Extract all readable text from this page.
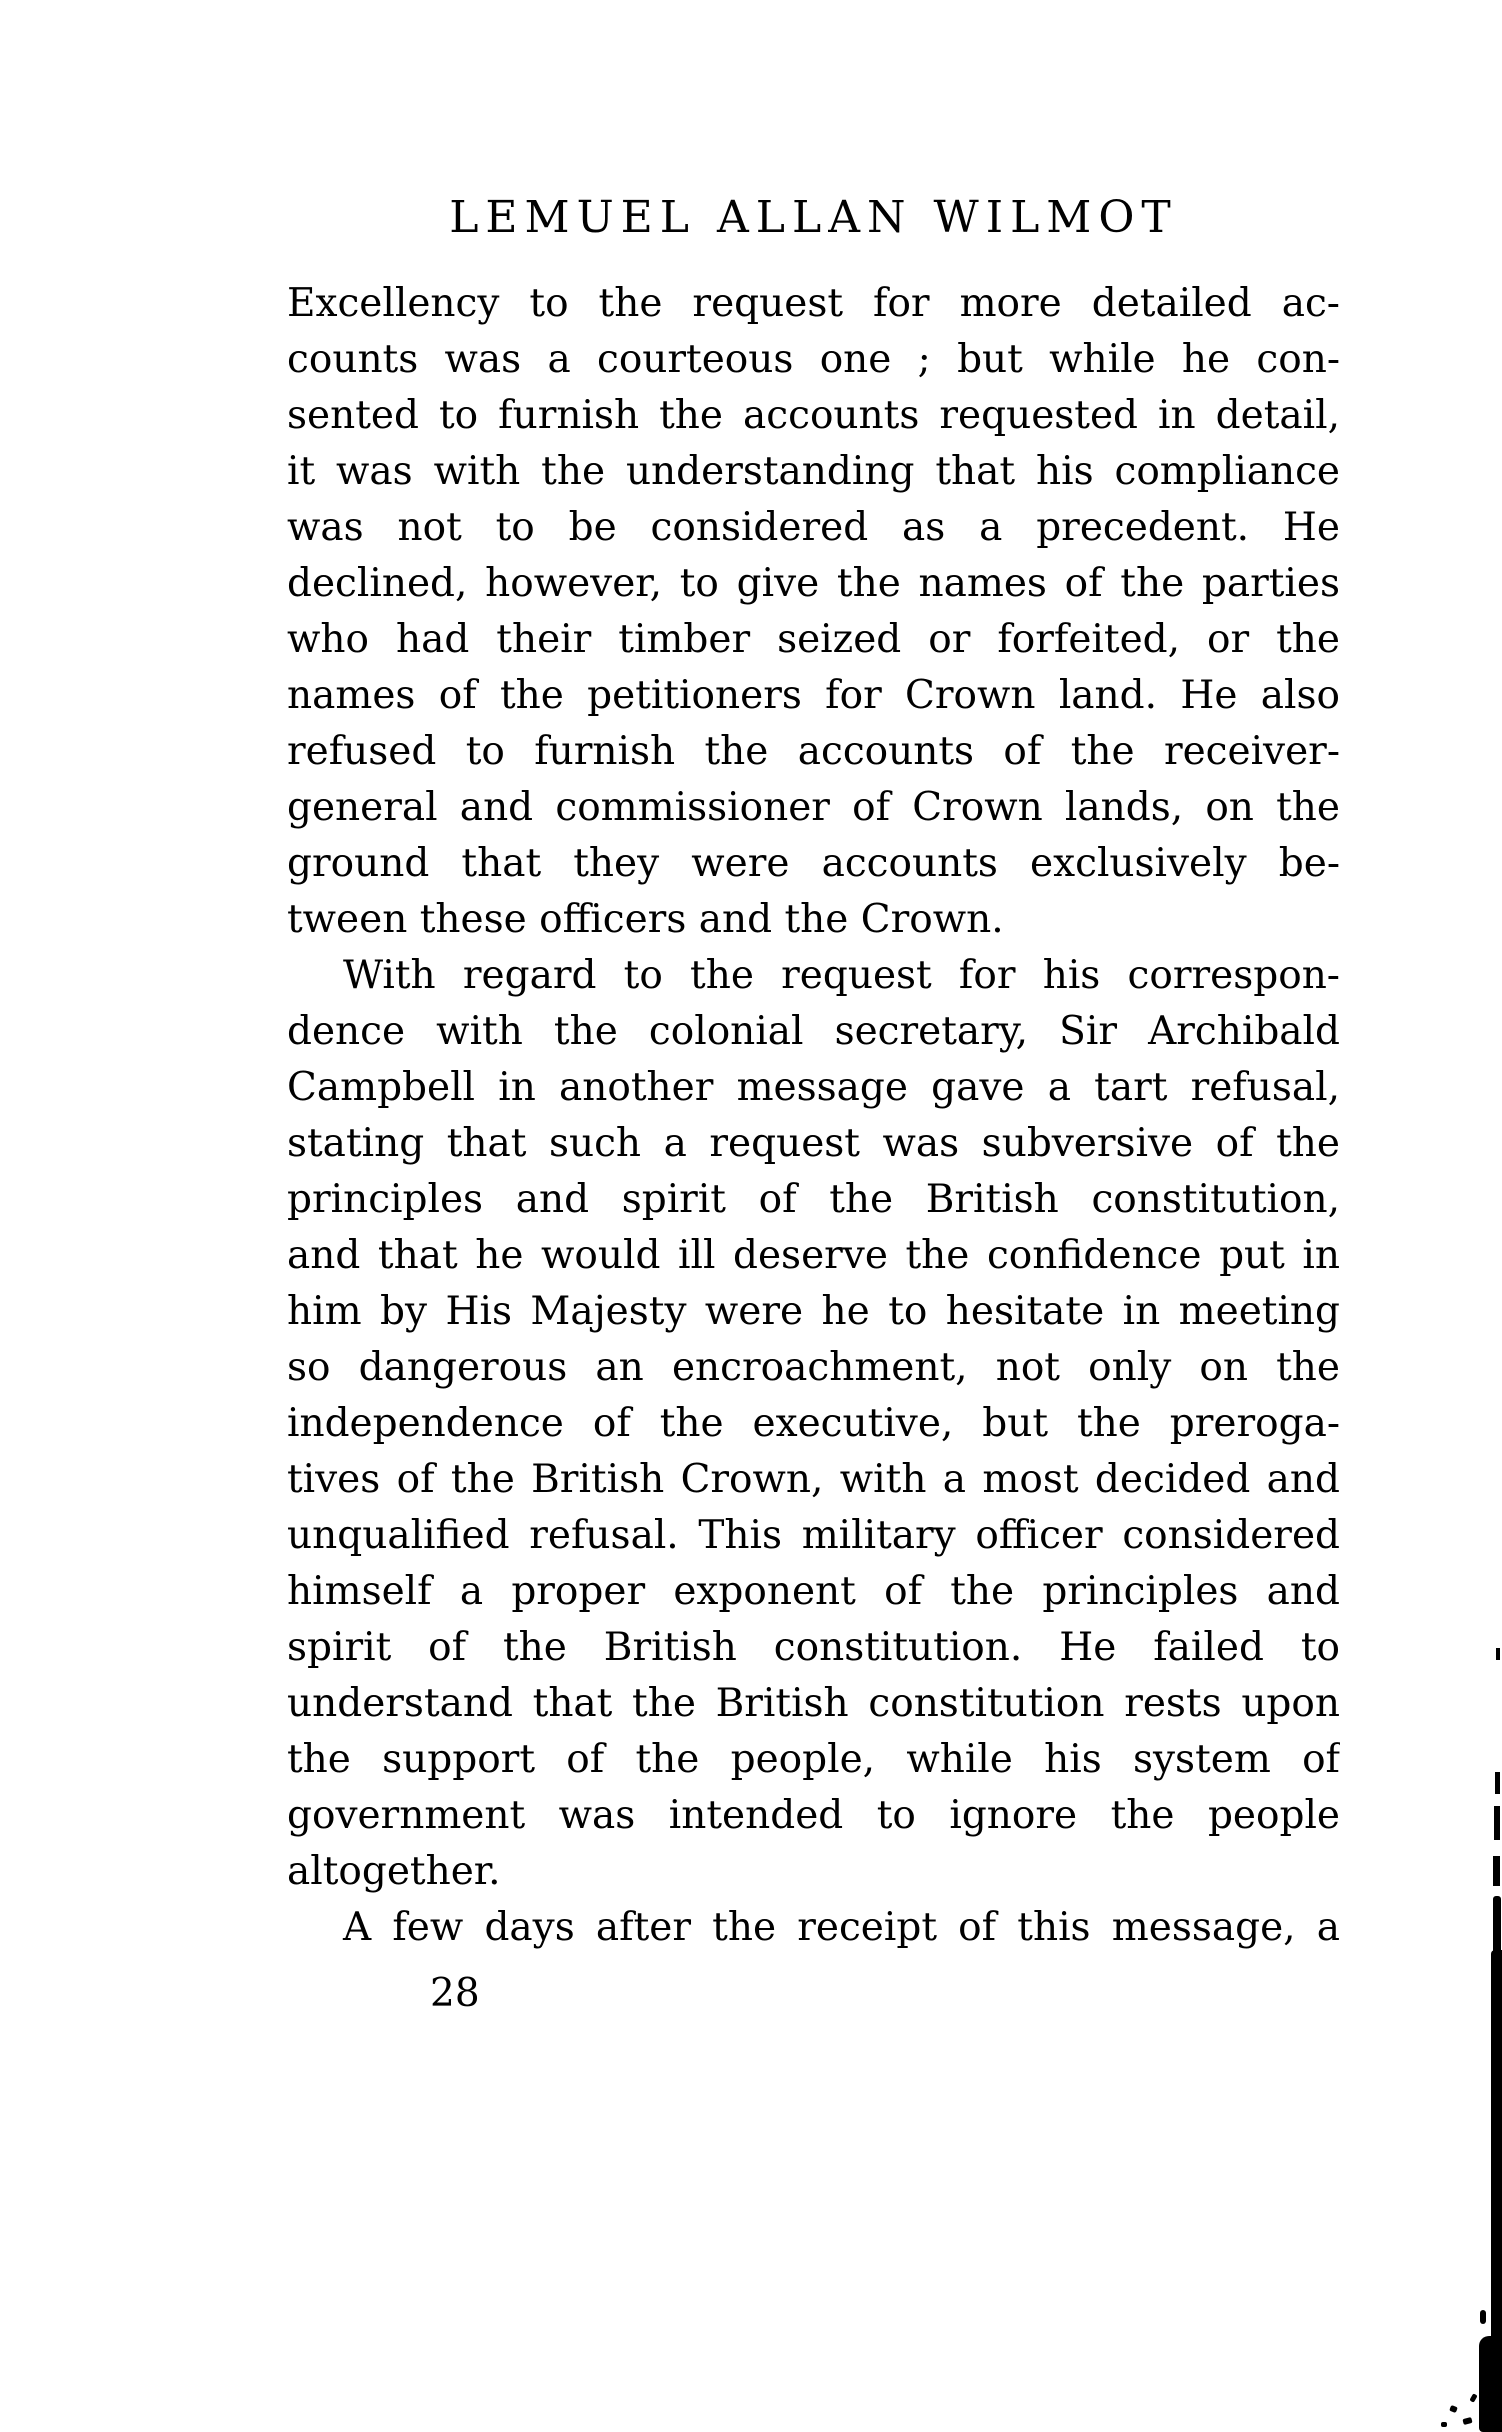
LEMUEL ALLAN WILMOT
Excellency to the request for more detailed ac-
counts was a courteous one ; but while he con-
sented to furnish the accounts requested in detail,
it was with the understanding that his compliance
was not to be considered as a precedent. He
declined, however, to give the names of the parties
who had their timber seized or forfeited, or the
names of the petitioners for Crown land. He also
refused to furnish the accounts of the receiver-
general and commissioner of Crown lands, on the
ground that they were accounts exclusively be-
tween these officers and the Crown.
With regard to the request for his correspon-
dence with the colonial secretary, Sir Archibald
Campbell in another message gave a tart refusal,
stating that such a request was subversive of the
principles and spirit of the British constitution,
and that he would ill deserve the confidence put in
him by His Majesty were he to hesitate in meeting
so dangerous an encroachment, not only on the
independence of the executive, but the preroga-
tives of the British Crown, with a most decided and
unqualified refusal. This military officer considered
himself a proper exponent of the principles and
spirit of the British constitution. He failed to
understand that the British constitution rests upon
the support of the people, while his system of
government was intended to ignore the people
altogether.
A few days after the receipt of this message, a
28
